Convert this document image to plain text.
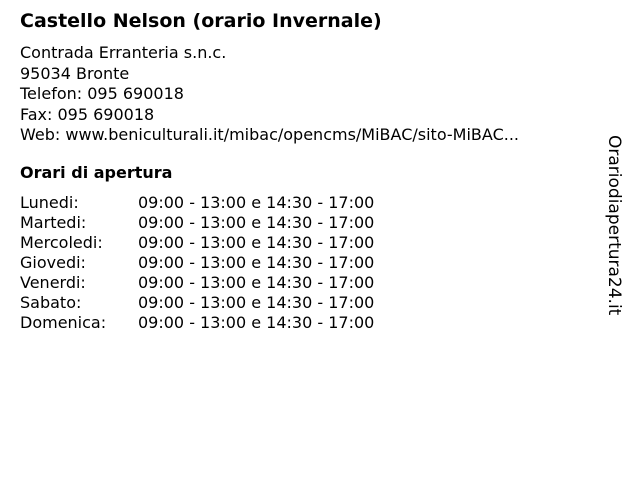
Castello Nelson (orario Invernale)
Contrada Erranteria s.n.c.
95034 Bronte
Telefon: 095 690018
Fax: 095 690018
Web: www.beniculturali.it/mibac/opencms/MiBAC/sito-MiBAC...
Orari di apertura
Lunedi:	09:00 - 13:00 e 14:30 - 17:00
Martedi:	09:00 - 13:00 e 14:30 - 17:00
Mercoledi:	09:00 - 13:00 e 14:30 - 17:00
Giovedi:	09:00 - 13:00 e 14:30 - 17:00
Venerdi:	09:00 - 13:00 e 14:30 - 17:00
Sabato:	09:00 - 13:00 e 14:30 - 17:00
Domenica:	09:00 - 13:00 e 14:30 - 17:00
Orariodiapertura24.it
